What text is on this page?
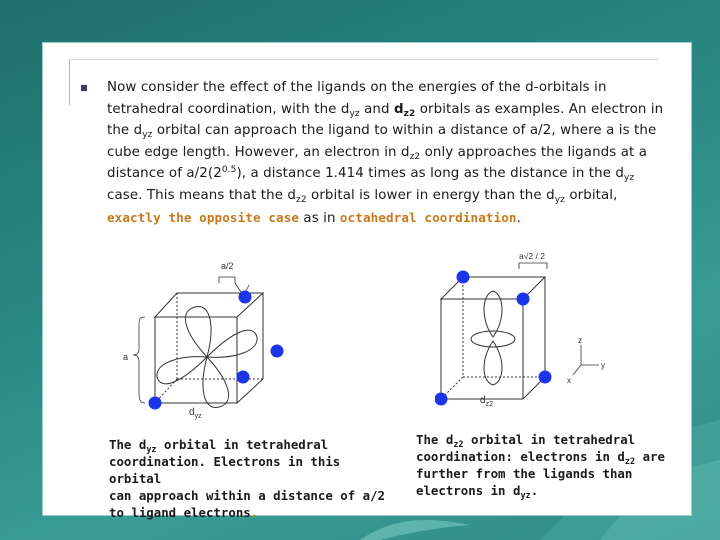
Now consider the effect of the ligands on the energies of the d-orbitals in tetrahedral coordination, with the $d_{yz}$ and $d_{z2}$ orbitals as examples. An electron in the $d_{yz}$ orbital can approach the ligand to within a distance of a/2, where a is the cube edge length. However, an electron in $d_{z2}$ only approaches the ligands at a distance of $a/2(2^{0.5})$, a distance 1.414 times as long as the distance in the $d_{yz}$ case. This means that the $d_{z2}$ orbital is lower in energy than the $d_{yz}$ orbital, exactly the opposite case as in octahedral coordination.
a/2
a
$d_{yz}$
a√2 / 2
z
y
x
$d_{z2}$
The $d_{yz}$ orbital in tetrahedral
coordination. Electrons in this orbital
can approach within a distance of a/2
to ligand electrons.
The $d_{z2}$ orbital in tetrahedral
coordination: electrons in $d_{z2}$ are
further from the ligands than
electrons in $d_{yz}$.
